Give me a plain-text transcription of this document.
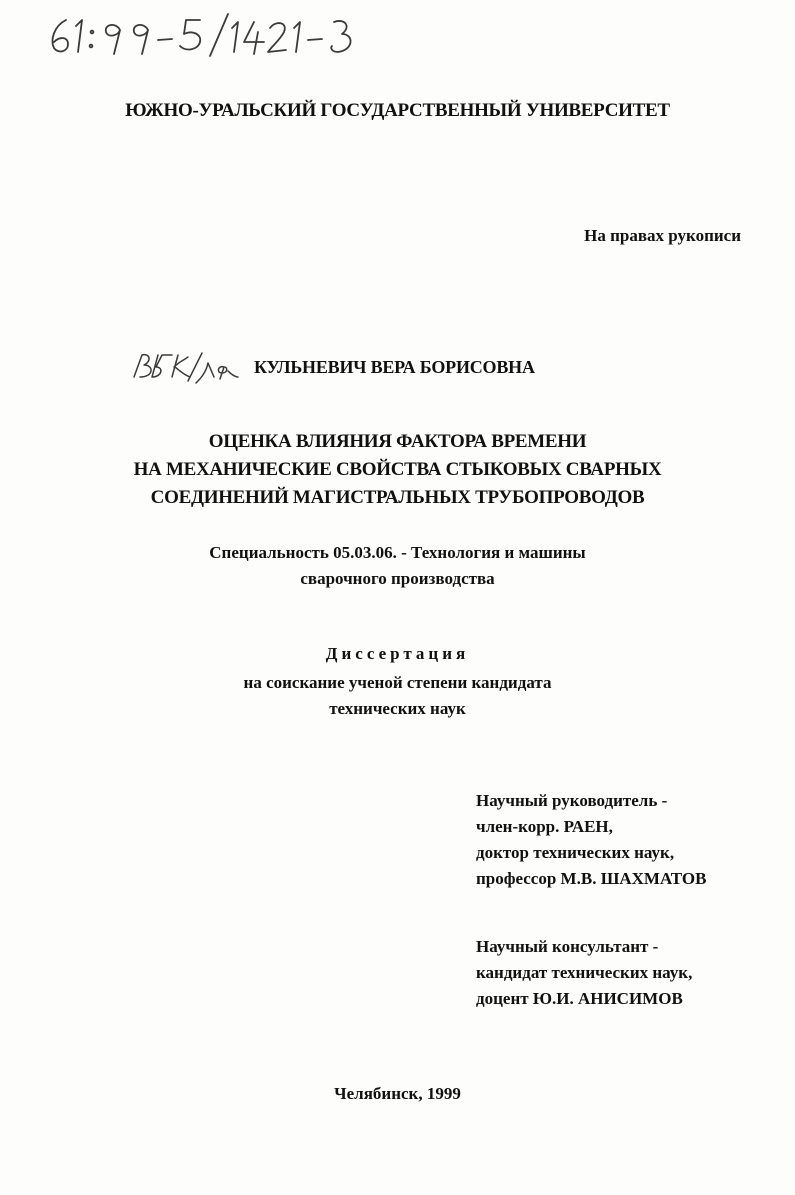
ЮЖНО-УРАЛЬСКИЙ ГОСУДАРСТВЕННЫЙ УНИВЕРСИТЕТ
На правах рукописи
КУЛЬНЕВИЧ ВЕРА БОРИСОВНА
ОЦЕНКА ВЛИЯНИЯ ФАКТОРА ВРЕМЕНИ
НА МЕХАНИЧЕСКИЕ СВОЙСТВА СТЫКОВЫХ СВАРНЫХ
СОЕДИНЕНИЙ МАГИСТРАЛЬНЫХ ТРУБОПРОВОДОВ
Специальность 05.03.06. - Технология и машины
сварочного производства
Диссертация
на соискание ученой степени кандидата
технических наук
Научный руководитель -
член-корр. РАЕН,
доктор технических наук,
профессор М.В. ШАХМАТОВ
Научный консультант -
кандидат технических наук,
доцент Ю.И. АНИСИМОВ
Челябинск, 1999
